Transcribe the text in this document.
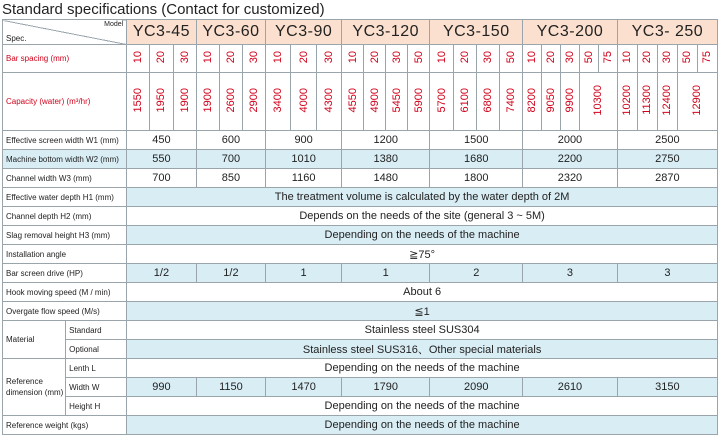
Standard specifications (Contact for customized)
Model
Spec.		YC3-45			YC3-60			YC3-90			YC3-120				YC3-150				YC3-200					YC3- 250				
Bar spacing (mm)		10	20	30	10	20	30	10	20	30	10	20	30	50	10	20	30	50	10	20	30	50	75	10	20	30	50	75
Capacity (water) (m³/hr)		1550	1950	1900	1900	2600	2900	3400	4000	4300	4550	4900	5450	5900	5700	6100	6800	7400	8200	9050	9900	10300		10200	11300	12400	12900	
Effective screen width W1 (mm)		450			600			900			1200				1500				2000					2500				
Machine bottom width W2 (mm)		550			700			1010			1380				1680				2200					2750				
Channel width W3 (mm)		700			850			1160			1480				1800				2320					2870				
Effective water depth H1 (mm)		The treatment volume is calculated by the water depth of 2M																										
Channel depth H2 (mm)		Depends on the needs of the site (general 3 ~ 5M)																										
Slag removal height H3 (mm)		Depending on the needs of the machine																										
Installation angle		≧75°																										
Bar screen drive (HP)		1/2			1/2			1			1				2				3					3				
Hook moving speed (M / min)		About 6																										
Overgate flow speed (M/s)		≦1																										
Material	Standard	Stainless steel SUS304																										
	Optional	Stainless steel SUS316、Other special materials																										
Reference dimension (mm)	Lenth L	Depending on the needs of the machine																										
	Width W	990			1150			1470			1790				2090				2610					3150				
	Height H	Depending on the needs of the machine																										
Reference weight (kgs)		Depending on the needs of the machine																										
